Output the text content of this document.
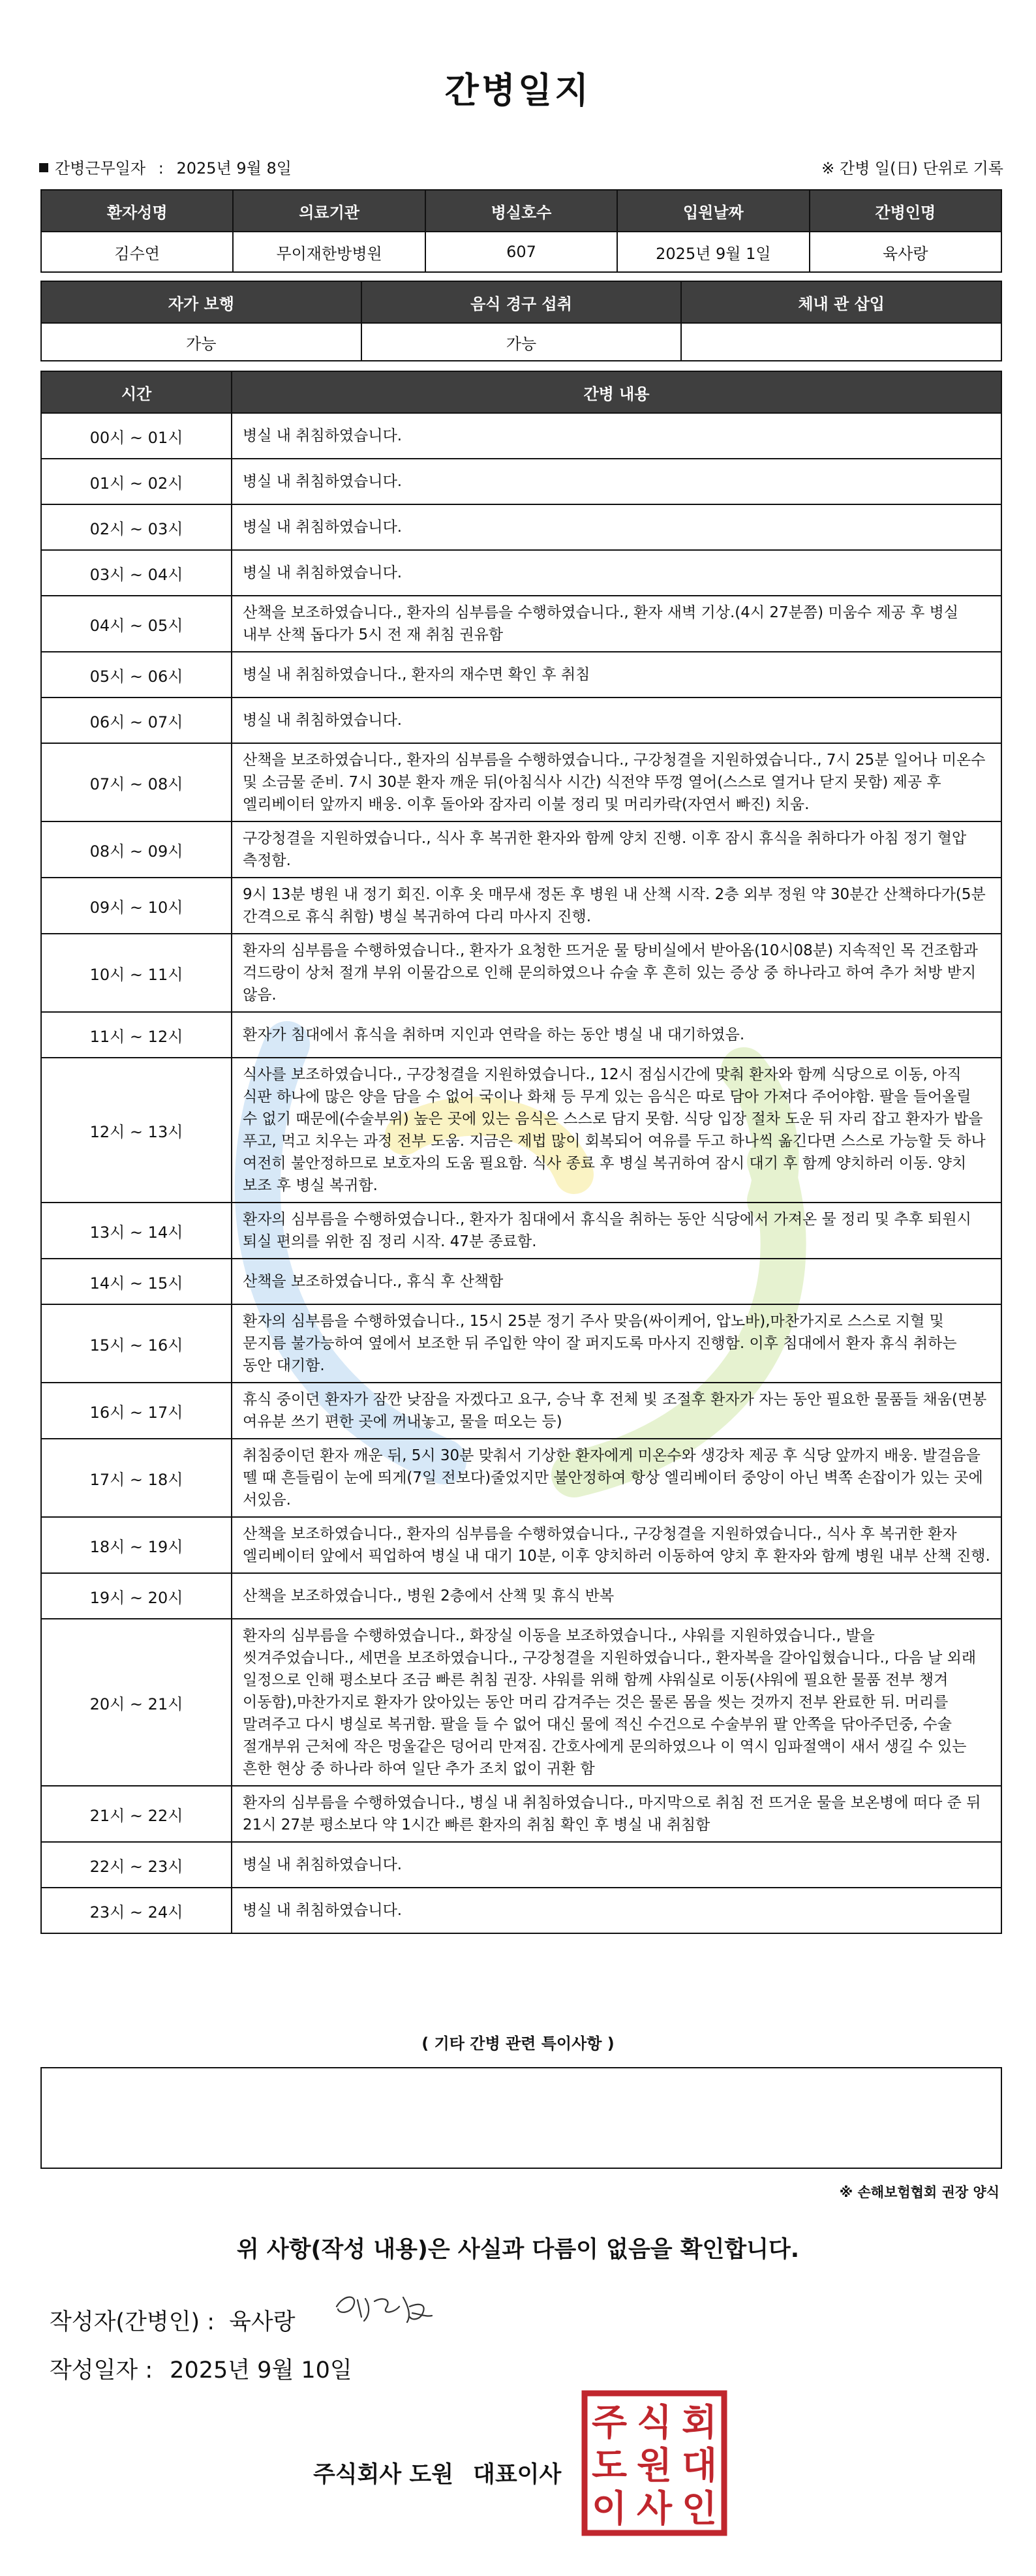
간병일지
간병근무일자 : 2025년 9월 8일	※ 간병 일(日) 단위로 기록
환자성명	의료기관	병실호수	입원날짜	간병인명
김수연	무이재한방병원	607	2025년 9월 1일	육사랑
자가 보행	음식 경구 섭취	체내 관 삽입
가능	가능	
시간	간병 내용
00시 ~ 01시	병실 내 취침하였습니다.
01시 ~ 02시	병실 내 취침하였습니다.
02시 ~ 03시	병실 내 취침하였습니다.
03시 ~ 04시	병실 내 취침하였습니다.
04시 ~ 05시	산책을 보조하였습니다., 환자의 심부름을 수행하였습니다., 환자 새벽 기상.(4시 27분쯤) 미움수 제공 후 병실 내부 산책 돕다가 5시 전 재 취침 권유함
05시 ~ 06시	병실 내 취침하였습니다., 환자의 재수면 확인 후 취침
06시 ~ 07시	병실 내 취침하였습니다.
07시 ~ 08시	산책을 보조하였습니다., 환자의 심부름을 수행하였습니다., 구강청결을 지원하였습니다., 7시 25분 일어나 미온수 및 소금물 준비. 7시 30분 환자 깨운 뒤(아침식사 시간) 식전약 뚜껑 열어(스스로 열거나 닫지 못함) 제공 후 엘리베이터 앞까지 배웅. 이후 돌아와 잠자리 이불 정리 및 머리카락(자연서 빠진) 치움.
08시 ~ 09시	구강청결을 지원하였습니다., 식사 후 복귀한 환자와 함께 양치 진행. 이후 잠시 휴식을 취하다가 아침 정기 혈압 측정함.
09시 ~ 10시	9시 13분 병원 내 정기 회진. 이후 옷 매무새 정돈 후 병원 내 산책 시작. 2층 외부 정원 약 30분간 산책하다가(5분 간격으로 휴식 취함) 병실 복귀하여 다리 마사지 진행.
10시 ~ 11시	환자의 심부름을 수행하였습니다., 환자가 요청한 뜨거운 물 탕비실에서 받아옴(10시08분) 지속적인 목 건조함과 걱드랑이 상처 절개 부위 이물감으로 인해 문의하였으나 슈술 후 흔히 있는 증상 중 하나라고 하여 추가 처방 받지 않음.
11시 ~ 12시	환자가 침대에서 휴식을 취하며 지인과 연락을 하는 동안 병실 내 대기하였음.
12시 ~ 13시	식사를 보조하였습니다., 구강청결을 지원하였습니다., 12시 점심시간에 맞춰 환자와 함께 식당으로 이동, 아직 식판 하나에 많은 양을 담을 수 없어 국이나 화채 등 무게 있는 음식은 따로 담아 가져다 주어야함. 팔을 들어올릴 수 없기 때문에(수술부위) 높은 곳에 있는 음식은 스스로 담지 못함. 식당 입장 절차 도운 뒤 자리 잡고 환자가 밥을 푸고, 먹고 치우는 과정 전부 도움. 지금은 제법 많이 회복되어 여유를 두고 하나씩 옮긴다면 스스로 가능할 듯 하나 여전히 불안정하므로 보호자의 도움 필요함. 식사 종료 후 병실 복귀하여 잠시 대기 후 함께 양치하러 이동. 양치 보조 후 병실 복귀함.
13시 ~ 14시	환자의 심부름을 수행하였습니다., 환자가 침대에서 휴식을 취하는 동안 식당에서 가져온 물 정리 및 추후 퇴원시 퇴실 편의를 위한 짐 정리 시작. 47분 종료함.
14시 ~ 15시	산책을 보조하였습니다., 휴식 후 산책함
15시 ~ 16시	환자의 심부름을 수행하였습니다., 15시 25분 정기 주사 맞음(싸이케어, 압노바),마찬가지로 스스로 지혈 및 문지름 불가능하여 옆에서 보조한 뒤 주입한 약이 잘 퍼지도록 마사지 진행함. 이후 침대에서 환자 휴식 취하는 동안 대기함.
16시 ~ 17시	휴식 중이던 환자가 잠깐 낮잠을 자겠다고 요구, 승낙 후 전체 빛 조절후 환자가 자는 동안 필요한 물품들 채움(면봉 여유분 쓰기 편한 곳에 꺼내놓고, 물을 떠오는 등)
17시 ~ 18시	취침중이던 환자 깨운 뒤, 5시 30분 맞춰서 기상한 환자에게 미온수와 생강차 제공 후 식당 앞까지 배웅. 발걸음을 뗄 때 흔들림이 눈에 띄게(7일 전보다)줄었지만 불안정하여 항상 엘리베이터 중앙이 아닌 벽쪽 손잡이가 있는 곳에 서있음.
18시 ~ 19시	산책을 보조하였습니다., 환자의 심부름을 수행하였습니다., 구강청결을 지원하였습니다., 식사 후 복귀한 환자 엘리베이터 앞에서 픽업하여 병실 내 대기 10분, 이후 양치하러 이동하여 양치 후 환자와 함께 병원 내부 산책 진행.
19시 ~ 20시	산책을 보조하였습니다., 병원 2층에서 산책 및 휴식 반복
20시 ~ 21시	환자의 심부름을 수행하였습니다., 화장실 이동을 보조하였습니다., 샤워를 지원하였습니다., 발을 씻겨주었습니다., 세면을 보조하였습니다., 구강청결을 지원하였습니다., 환자복을 갈아입혔습니다., 다음 날 외래 일정으로 인해 평소보다 조금 빠른 취침 권장. 샤워를 위해 함께 샤워실로 이동(샤워에 필요한 물품 전부 챙겨 이동함),마찬가지로 환자가 앉아있는 동안 머리 감겨주는 것은 물론 몸을 씻는 것까지 전부 완료한 뒤. 머리를 말려주고 다시 병실로 복귀함. 팔을 들 수 없어 대신 물에 적신 수건으로 수술부위 팔 안쪽을 닦아주던중, 수술 절개부위 근처에 작은 멍울같은 덩어리 만져짐. 간호사에게 문의하였으나 이 역시 임파절액이 새서 생길 수 있는 흔한 현상 중 하나라 하여 일단 추가 조치 없이 귀환 함
21시 ~ 22시	환자의 심부름을 수행하였습니다., 병실 내 취침하였습니다., 마지막으로 취침 전 뜨거운 물을 보온병에 떠다 준 뒤 21시 27분 평소보다 약 1시간 빠른 환자의 취침 확인 후 병실 내 취침함
22시 ~ 23시	병실 내 취침하였습니다.
23시 ~ 24시	병실 내 취침하였습니다.
( 기타 간병 관련 특이사항 )
※ 손해보험협회 권장 양식
위 사항(작성 내용)은 사실과 다름이 없음을 확인합니다.
작성자(간병인) : 육사랑
작성일자 : 2025년 9월 10일
주식회사 도원 대표이사
주 식 회
도 원 대
이 사 인
